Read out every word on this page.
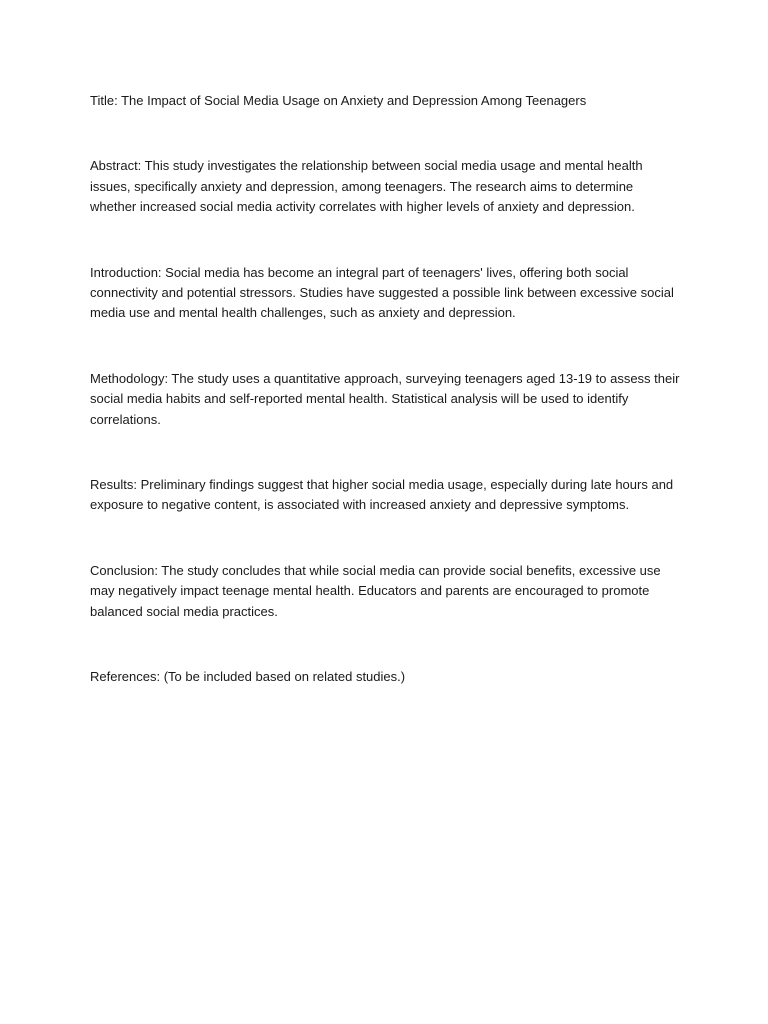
Title: The Impact of Social Media Usage on Anxiety and Depression Among Teenagers

Abstract: This study investigates the relationship between social media usage and mental health issues, specifically anxiety and depression, among teenagers. The research aims to determine whether increased social media activity correlates with higher levels of anxiety and depression.

Introduction: Social media has become an integral part of teenagers' lives, offering both social connectivity and potential stressors. Studies have suggested a possible link between excessive social media use and mental health challenges, such as anxiety and depression.

Methodology: The study uses a quantitative approach, surveying teenagers aged 13-19 to assess their social media habits and self-reported mental health. Statistical analysis will be used to identify correlations.

Results: Preliminary findings suggest that higher social media usage, especially during late hours and exposure to negative content, is associated with increased anxiety and depressive symptoms.

Conclusion: The study concludes that while social media can provide social benefits, excessive use may negatively impact teenage mental health. Educators and parents are encouraged to promote balanced social media practices.

References: (To be included based on related studies.)
